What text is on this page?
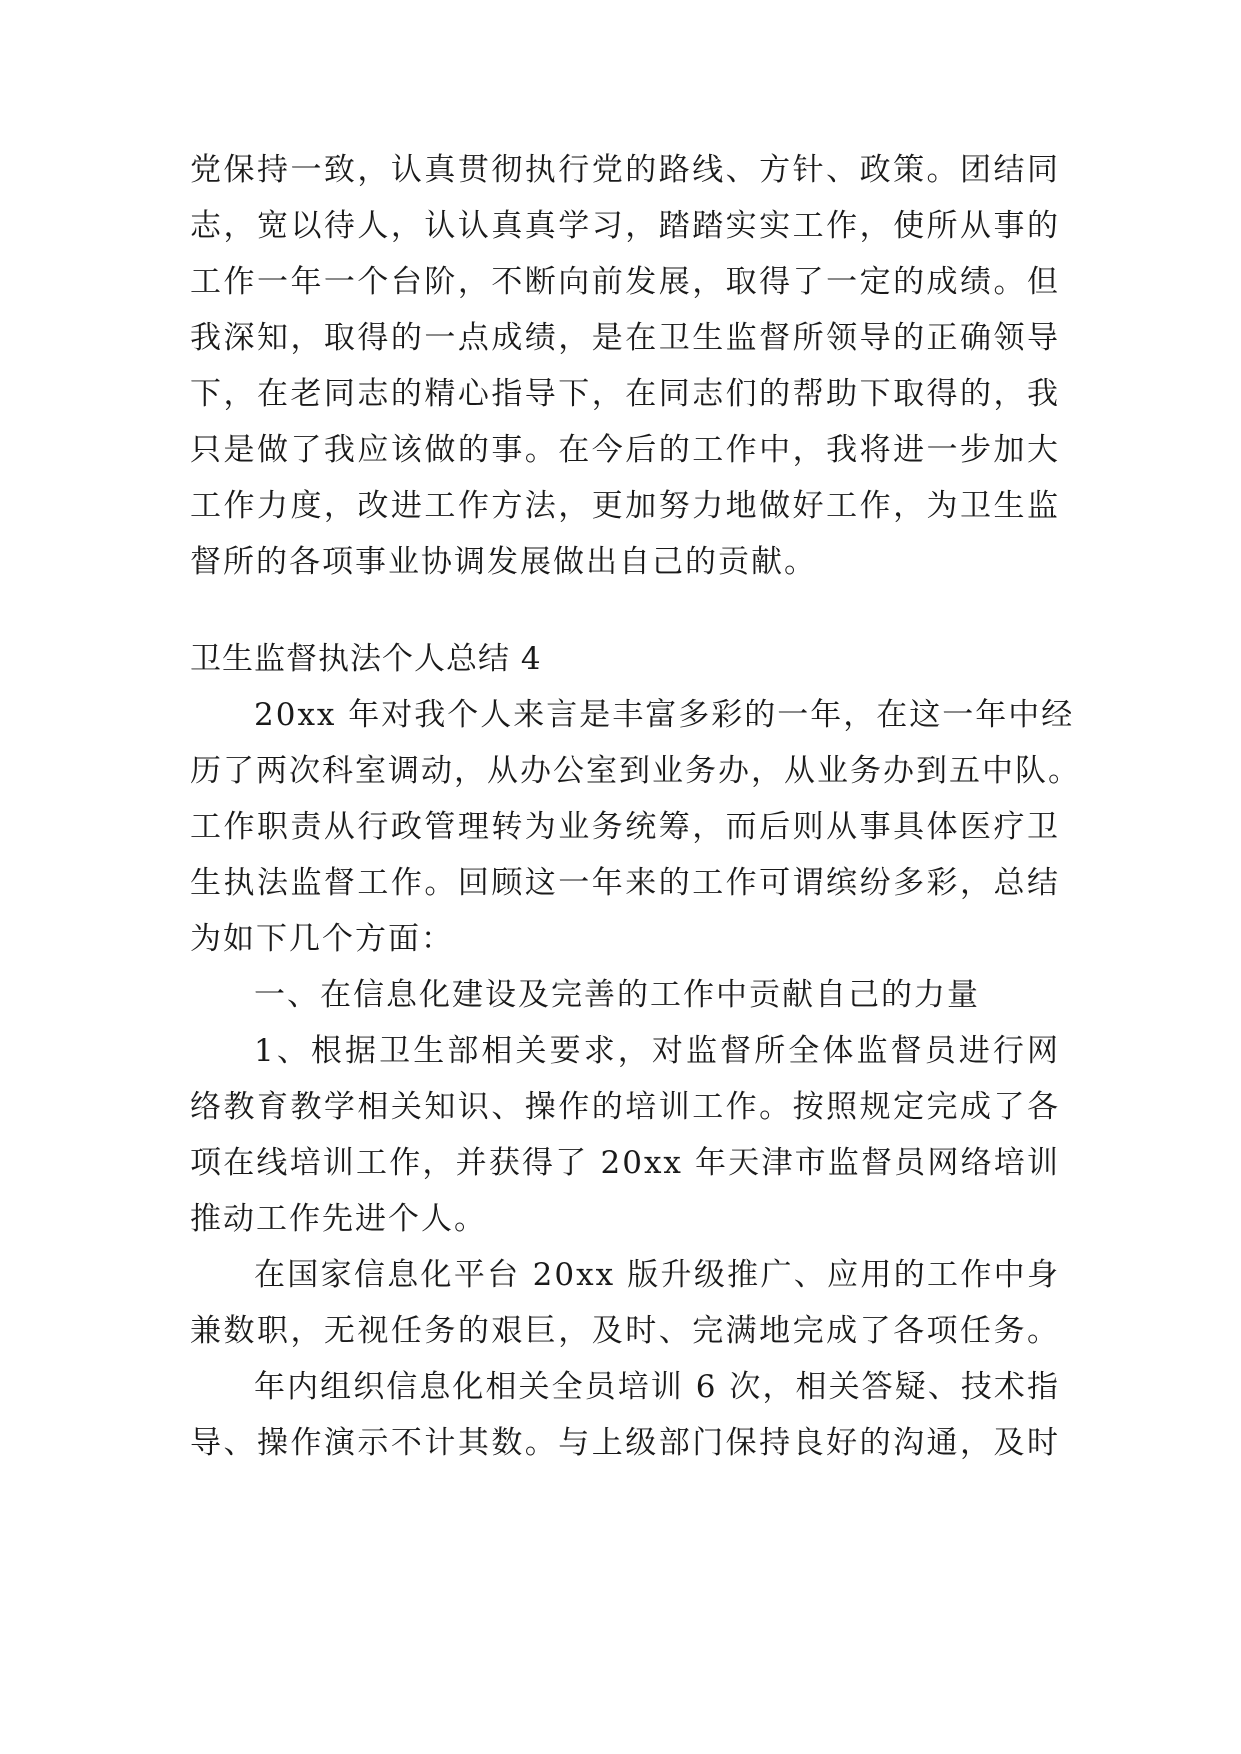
党保持一致，认真贯彻执行党的路线、方针、政策。团结同
志，宽以待人，认认真真学习，踏踏实实工作，使所从事的
工作一年一个台阶，不断向前发展，取得了一定的成绩。但
我深知，取得的一点成绩，是在卫生监督所领导的正确领导
下，在老同志的精心指导下，在同志们的帮助下取得的，我
只是做了我应该做的事。在今后的工作中，我将进一步加大
工作力度，改进工作方法，更加努力地做好工作，为卫生监
督所的各项事业协调发展做出自己的贡献。
卫生监督执法个人总结 4
20xx 年对我个人来言是丰富多彩的一年，在这一年中经
历了两次科室调动，从办公室到业务办，从业务办到五中队。
工作职责从行政管理转为业务统筹，而后则从事具体医疗卫
生执法监督工作。回顾这一年来的工作可谓缤纷多彩，总结
为如下几个方面：
一、在信息化建设及完善的工作中贡献自己的力量
1、根据卫生部相关要求，对监督所全体监督员进行网
络教育教学相关知识、操作的培训工作。按照规定完成了各
项在线培训工作，并获得了 20xx 年天津市监督员网络培训
推动工作先进个人。
在国家信息化平台 20xx 版升级推广、应用的工作中身
兼数职，无视任务的艰巨，及时、完满地完成了各项任务。
年内组织信息化相关全员培训 6 次，相关答疑、技术指
导、操作演示不计其数。与上级部门保持良好的沟通，及时
